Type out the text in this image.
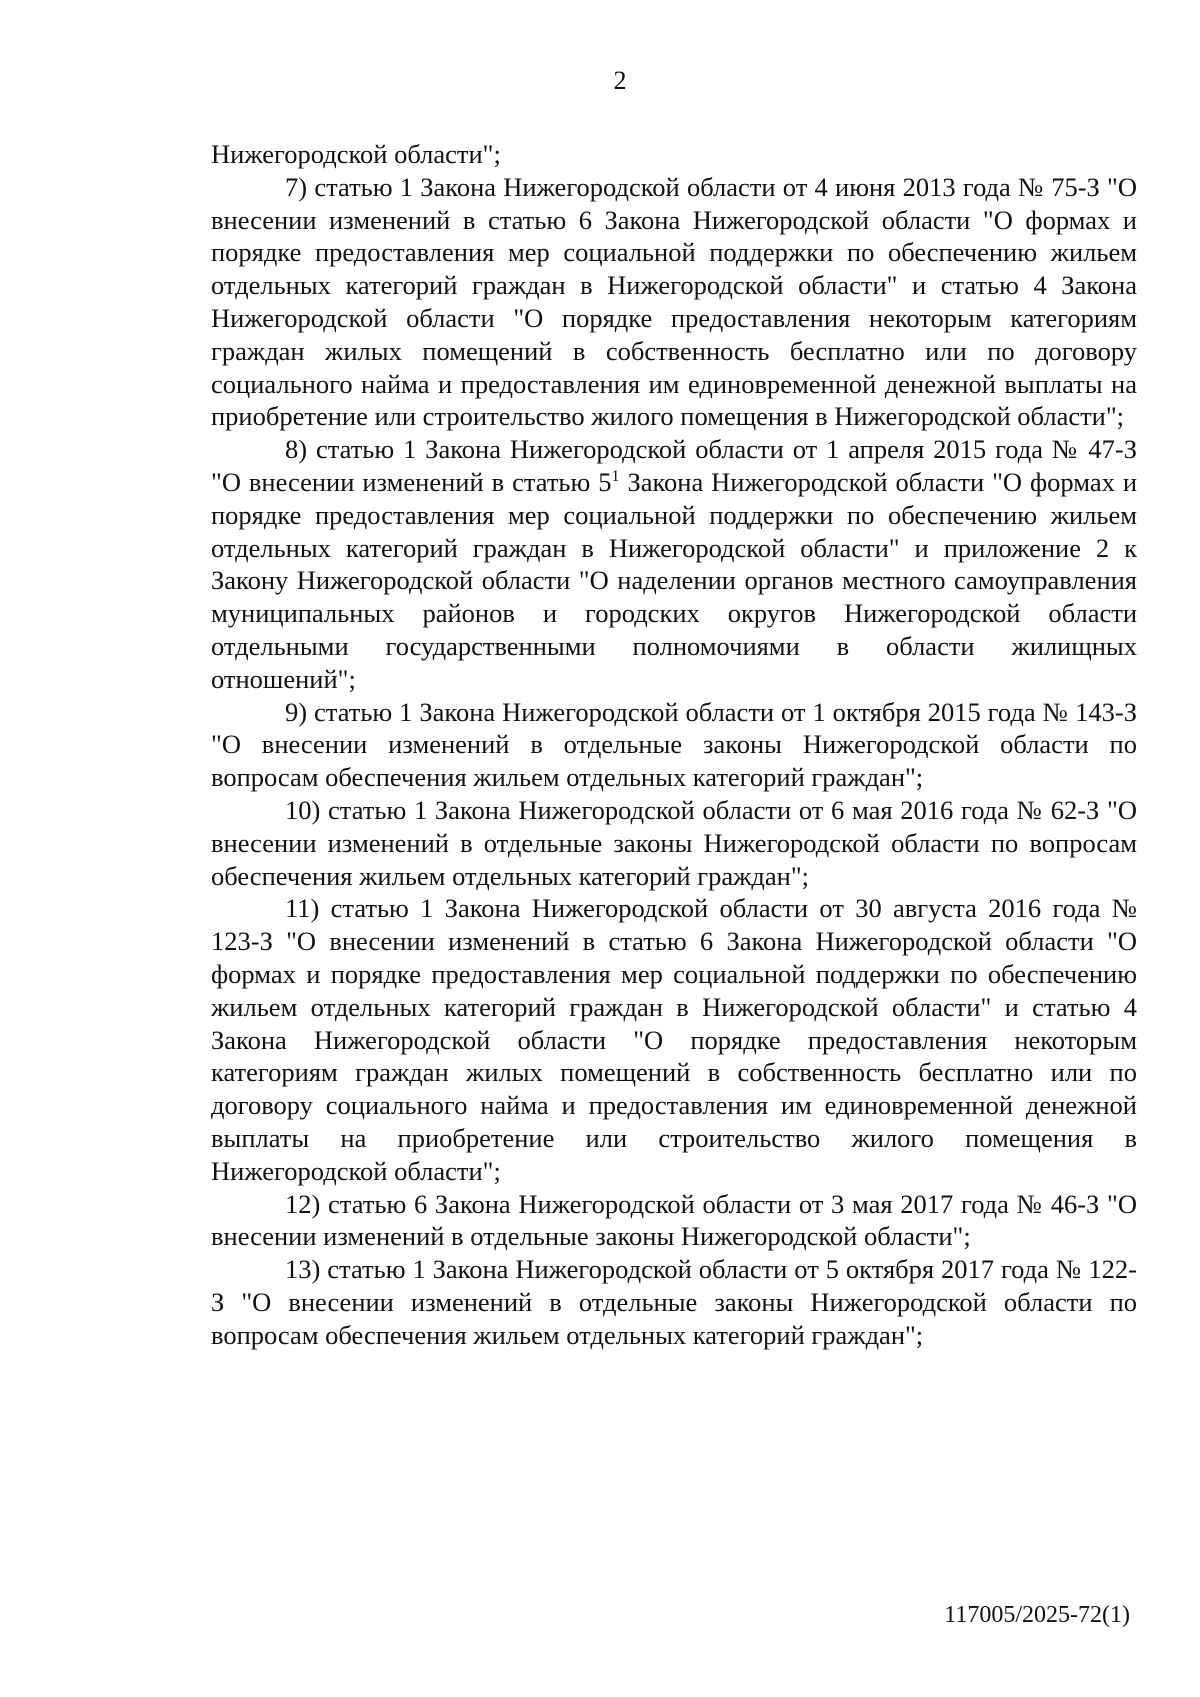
2

Нижегородской области";

7) статью 1 Закона Нижегородской области от 4 июня 2013 года № 75-З "О внесении изменений в статью 6 Закона Нижегородской области "О формах и порядке предоставления мер социальной поддержки по обеспечению жильем отдельных категорий граждан в Нижегородской области" и статью 4 Закона Нижегородской области "О порядке предоставления некоторым категориям граждан жилых помещений в собственность бесплатно или по договору социального найма и предоставления им единовременной денежной выплаты на приобретение или строительство жилого помещения в Нижегородской области";

8) статью 1 Закона Нижегородской области от 1 апреля 2015 года № 47-З "О внесении изменений в статью $5^1$ Закона Нижегородской области "О формах и порядке предоставления мер социальной поддержки по обеспечению жильем отдельных категорий граждан в Нижегородской области" и приложение 2 к Закону Нижегородской области "О наделении органов местного самоуправления муниципальных районов и городских округов Нижегородской области отдельными государственными полномочиями в области жилищных отношений";

9) статью 1 Закона Нижегородской области от 1 октября 2015 года № 143-З "О внесении изменений в отдельные законы Нижегородской области по вопросам обеспечения жильем отдельных категорий граждан";

10) статью 1 Закона Нижегородской области от 6 мая 2016 года № 62-З "О внесении изменений в отдельные законы Нижегородской области по вопросам обеспечения жильем отдельных категорий граждан";

11) статью 1 Закона Нижегородской области от 30 августа 2016 года № 123-З "О внесении изменений в статью 6 Закона Нижегородской области "О формах и порядке предоставления мер социальной поддержки по обеспечению жильем отдельных категорий граждан в Нижегородской области" и статью 4 Закона Нижегородской области "О порядке предоставления некоторым категориям граждан жилых помещений в собственность бесплатно или по договору социального найма и предоставления им единовременной денежной выплаты на приобретение или строительство жилого помещения в Нижегородской области";

12) статью 6 Закона Нижегородской области от 3 мая 2017 года № 46-З "О внесении изменений в отдельные законы Нижегородской области";

13) статью 1 Закона Нижегородской области от 5 октября 2017 года № 122-З "О внесении изменений в отдельные законы Нижегородской области по вопросам обеспечения жильем отдельных категорий граждан";

117005/2025-72(1)
